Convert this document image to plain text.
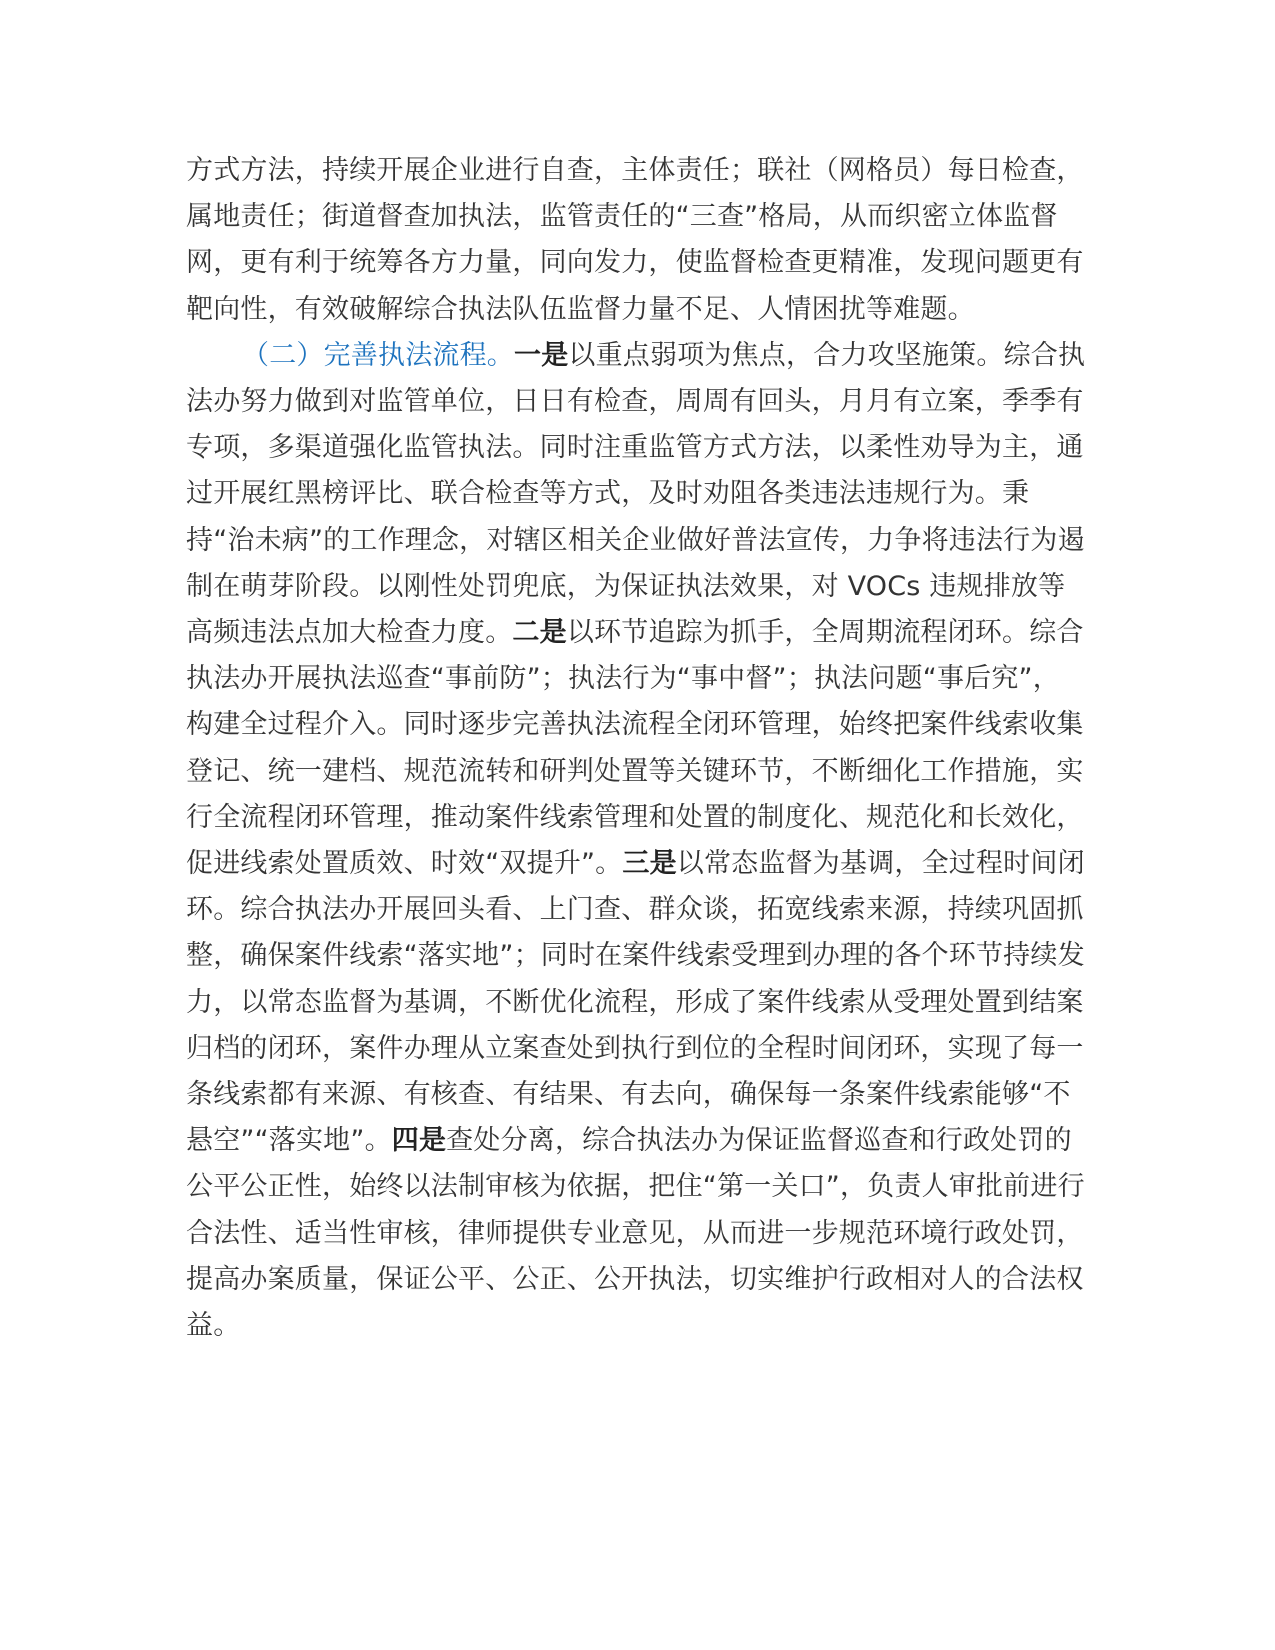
方式方法，持续开展企业进行自查，主体责任；联社（网格员）每日检查，属地责任；街道督查加执法，监管责任的“三查”格局，从而织密立体监督网，更有利于统筹各方力量，同向发力，使监督检查更精准，发现问题更有靶向性，有效破解综合执法队伍监督力量不足、人情困扰等难题。

（二）完善执法流程。一是以重点弱项为焦点，合力攻坚施策。综合执法办努力做到对监管单位，日日有检查，周周有回头，月月有立案，季季有专项，多渠道强化监管执法。同时注重监管方式方法，以柔性劝导为主，通过开展红黑榜评比、联合检查等方式，及时劝阻各类违法违规行为。秉持“治未病”的工作理念，对辖区相关企业做好普法宣传，力争将违法行为遏制在萌芽阶段。以刚性处罚兜底，为保证执法效果，对 VOCs 违规排放等高频违法点加大检查力度。二是以环节追踪为抓手，全周期流程闭环。综合执法办开展执法巡查“事前防”；执法行为“事中督”；执法问题“事后究”，构建全过程介入。同时逐步完善执法流程全闭环管理，始终把案件线索收集登记、统一建档、规范流转和研判处置等关键环节，不断细化工作措施，实行全流程闭环管理，推动案件线索管理和处置的制度化、规范化和长效化，促进线索处置质效、时效“双提升”。三是以常态监督为基调，全过程时间闭环。综合执法办开展回头看、上门查、群众谈，拓宽线索来源，持续巩固抓整，确保案件线索“落实地”；同时在案件线索受理到办理的各个环节持续发力，以常态监督为基调，不断优化流程，形成了案件线索从受理处置到结案归档的闭环，案件办理从立案查处到执行到位的全程时间闭环，实现了每一条线索都有来源、有核查、有结果、有去向，确保每一条案件线索能够“不悬空”“落实地”。四是查处分离，综合执法办为保证监督巡查和行政处罚的公平公正性，始终以法制审核为依据，把住“第一关口”，负责人审批前进行合法性、适当性审核，律师提供专业意见，从而进一步规范环境行政处罚，提高办案质量，保证公平、公正、公开执法，切实维护行政相对人的合法权益。
